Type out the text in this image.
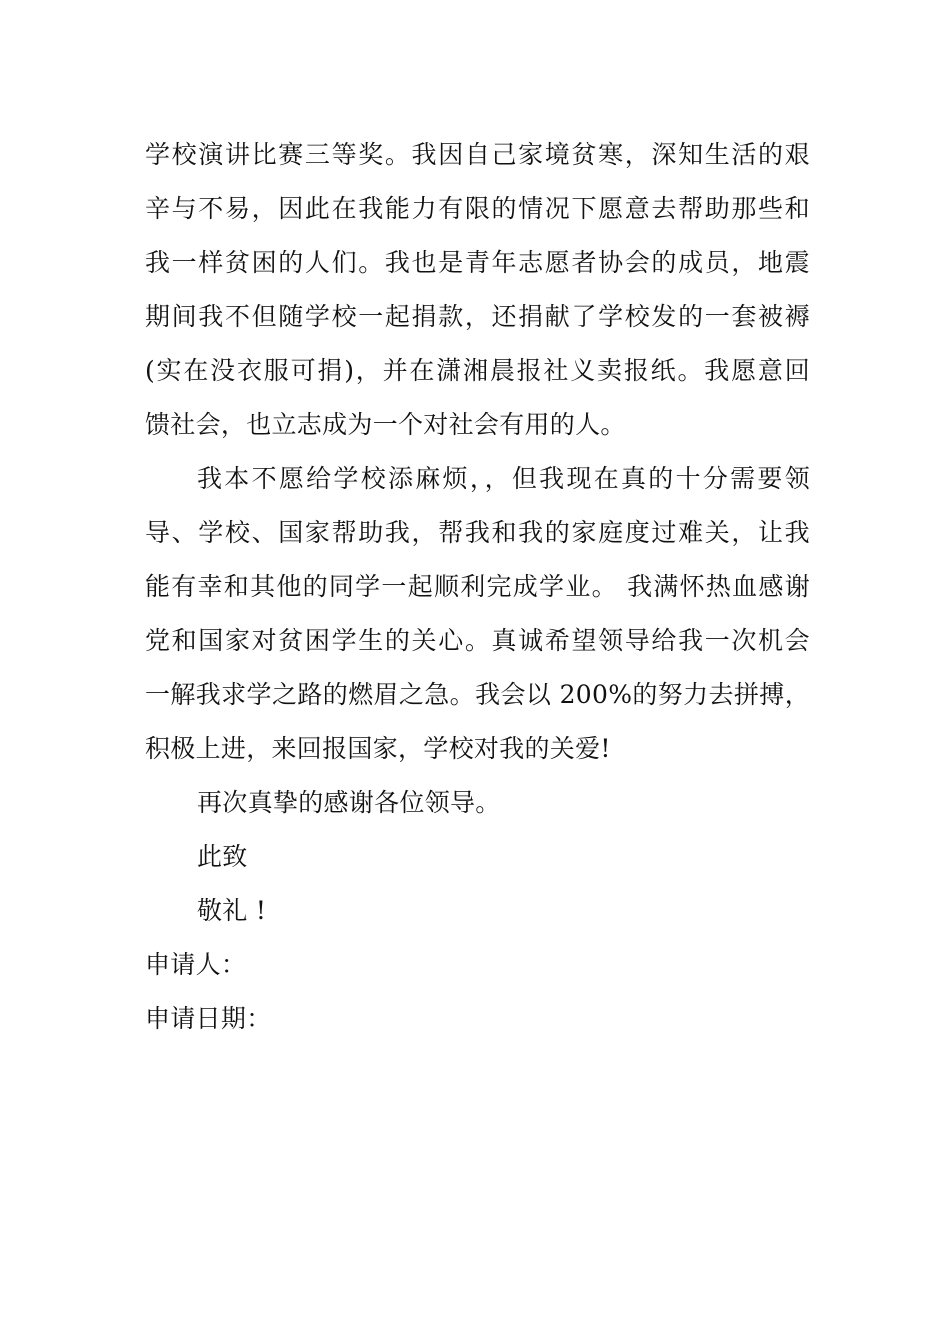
学校演讲比赛三等奖。我因自己家境贫寒，深知生活的艰
辛与不易，因此在我能力有限的情况下愿意去帮助那些和
我一样贫困的人们。我也是青年志愿者协会的成员，地震
期间我不但随学校一起捐款，还捐献了学校发的一套被褥
(实在没衣服可捐)，并在潇湘晨报社义卖报纸。我愿意回
馈社会，也立志成为一个对社会有用的人。
我本不愿给学校添麻烦，，但我现在真的十分需要领
导、学校、国家帮助我，帮我和我的家庭度过难关，让我
能有幸和其他的同学一起顺利完成学业。 我满怀热血感谢
党和国家对贫困学生的关心。真诚希望领导给我一次机会
一解我求学之路的燃眉之急。我会以 200%的努力去拼搏，
积极上进，来回报国家，学校对我的关爱!
再次真挚的感谢各位领导。
此致
敬礼 !
申请人：
申请日期：
